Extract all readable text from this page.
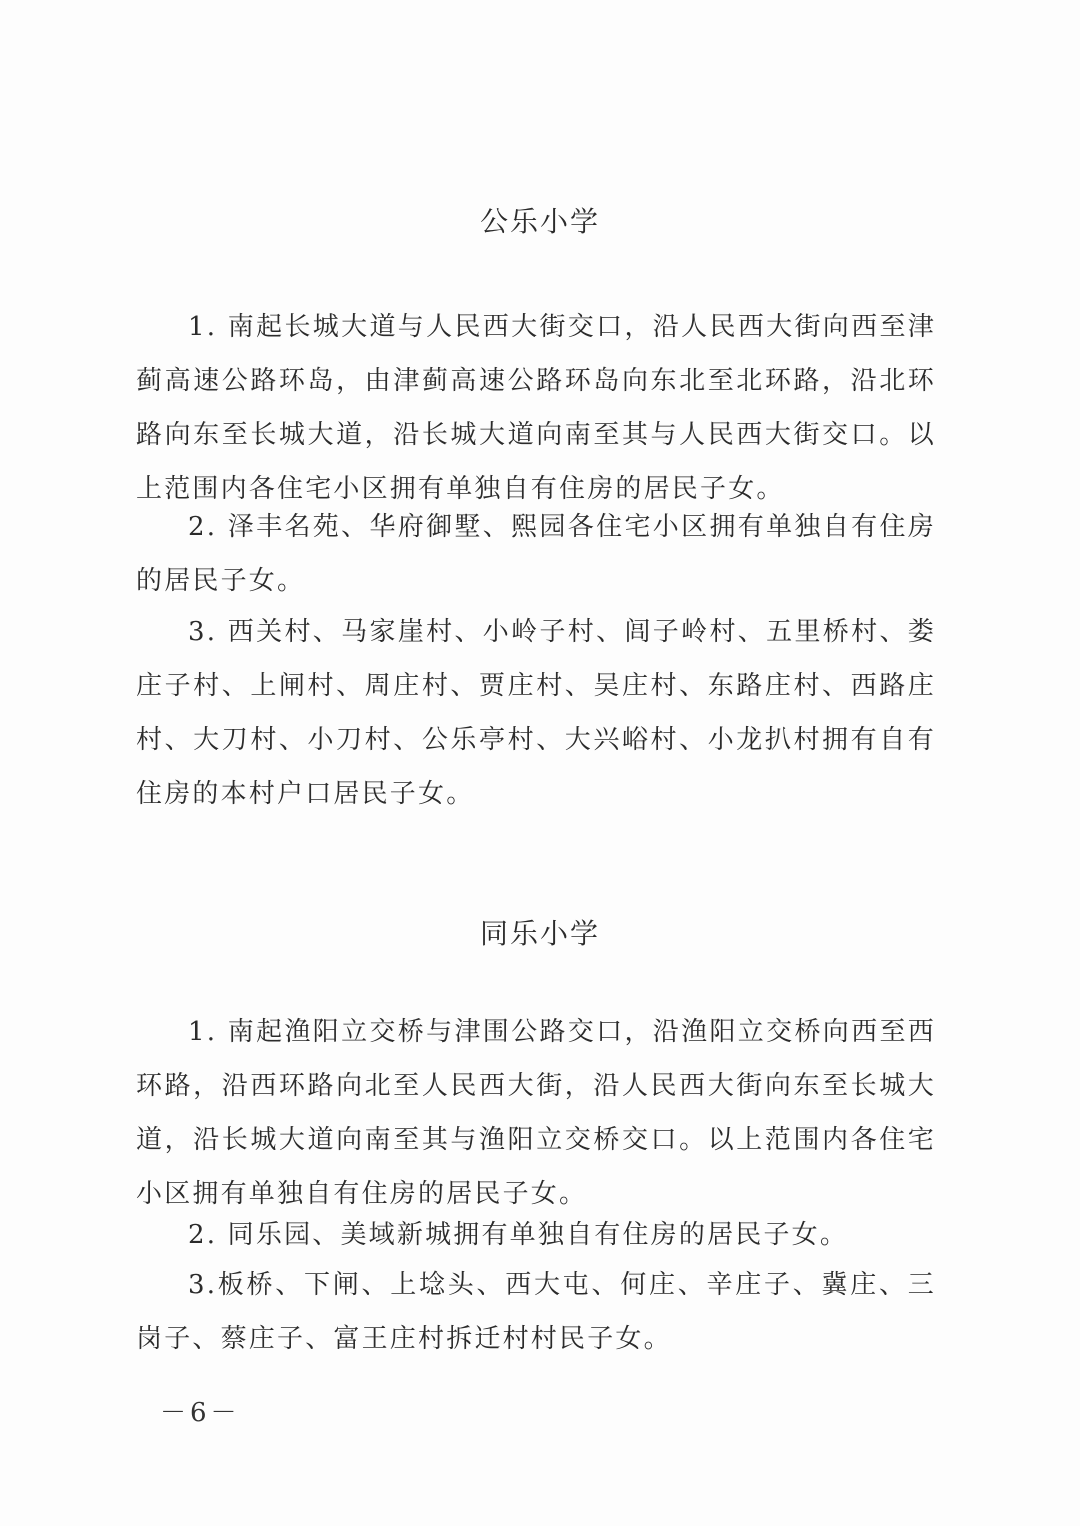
公乐小学
1. 南起长城大道与人民西大街交口，沿人民西大街向西至津蓟高速公路环岛，由津蓟高速公路环岛向东北至北环路，沿北环路向东至长城大道，沿长城大道向南至其与人民西大街交口。以上范围内各住宅小区拥有单独自有住房的居民子女。
2. 泽丰名苑、华府御墅、熙园各住宅小区拥有单独自有住房的居民子女。
3. 西关村、马家崖村、小岭子村、闾子岭村、五里桥村、娄庄子村、上闸村、周庄村、贾庄村、吴庄村、东路庄村、西路庄村、大刀村、小刀村、公乐亭村、大兴峪村、小龙扒村拥有自有住房的本村户口居民子女。
同乐小学
1. 南起渔阳立交桥与津围公路交口，沿渔阳立交桥向西至西环路，沿西环路向北至人民西大街，沿人民西大街向东至长城大道，沿长城大道向南至其与渔阳立交桥交口。以上范围内各住宅小区拥有单独自有住房的居民子女。
2. 同乐园、美域新城拥有单独自有住房的居民子女。
3.板桥、下闸、上埝头、西大屯、何庄、辛庄子、冀庄、三岗子、蔡庄子、富王庄村拆迁村村民子女。
－6－
